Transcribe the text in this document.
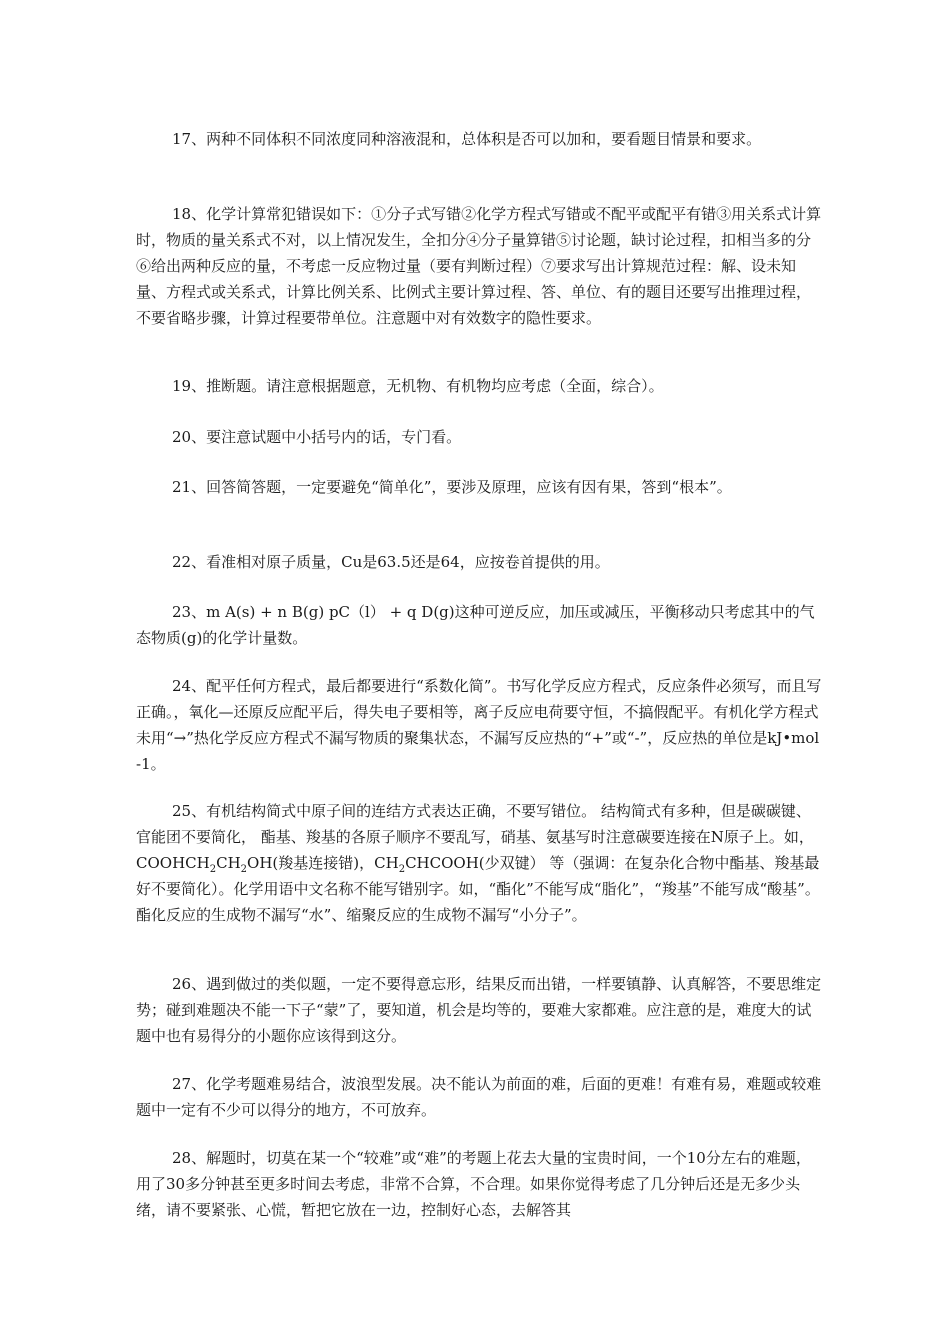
17、两种不同体积不同浓度同种溶液混和，总体积是否可以加和，要看题目情景和要求。

18、化学计算常犯错误如下：①分子式写错②化学方程式写错或不配平或配平有错③用关系式计算时，物质的量关系式不对，以上情况发生，全扣分④分子量算错⑤讨论题，缺讨论过程，扣相当多的分⑥给出两种反应的量，不考虑一反应物过量（要有判断过程）⑦要求写出计算规范过程：解、设未知量、方程式或关系式，计算比例关系、比例式主要计算过程、答、单位、有的题目还要写出推理过程，不要省略步骤，计算过程要带单位。注意题中对有效数字的隐性要求。

19、推断题。请注意根据题意，无机物、有机物均应考虑（全面，综合）。

20、要注意试题中小括号内的话，专门看。

21、回答简答题，一定要避免“简单化”，要涉及原理，应该有因有果，答到“根本”。

22、看准相对原子质量，Cu是63.5还是64，应按卷首提供的用。

23、m A(s) + n B(g) pC（l） + q D(g)这种可逆反应，加压或减压，平衡移动只考虑其中的气态物质(g)的化学计量数。

24、配平任何方程式，最后都要进行“系数化简”。书写化学反应方程式，反应条件必须写，而且写正确。，氧化—还原反应配平后，得失电子要相等，离子反应电荷要守恒，不搞假配平。有机化学方程式未用“→”热化学反应方程式不漏写物质的聚集状态，不漏写反应热的“+”或“-”，反应热的单位是kJ•mol-1。

25、有机结构简式中原子间的连结方式表达正确，不要写错位。 结构简式有多种，但是碳碳键、官能团不要简化， 酯基、羧基的各原子顺序不要乱写，硝基、氨基写时注意碳要连接在N原子上。如，$COOHCH_2CH_2OH$(羧基连接错)，$CH_2CHCOOH$(少双键） 等（强调：在复杂化合物中酯基、羧基最好不要简化）。化学用语中文名称不能写错别字。如，“酯化”不能写成“脂化”，“羧基”不能写成“酸基”。 酯化反应的生成物不漏写“水”、缩聚反应的生成物不漏写“小分子”。

26、遇到做过的类似题，一定不要得意忘形，结果反而出错，一样要镇静、认真解答，不要思维定势；碰到难题决不能一下子“蒙”了，要知道，机会是均等的，要难大家都难。应注意的是，难度大的试题中也有易得分的小题你应该得到这分。

27、化学考题难易结合，波浪型发展。决不能认为前面的难，后面的更难！有难有易，难题或较难题中一定有不少可以得分的地方，不可放弃。

28、解题时，切莫在某一个“较难”或“难”的考题上花去大量的宝贵时间，一个10分左右的难题，用了30多分钟甚至更多时间去考虑，非常不合算，不合理。如果你觉得考虑了几分钟后还是无多少头绪，请不要紧张、心慌，暂把它放在一边，控制好心态，去解答其
